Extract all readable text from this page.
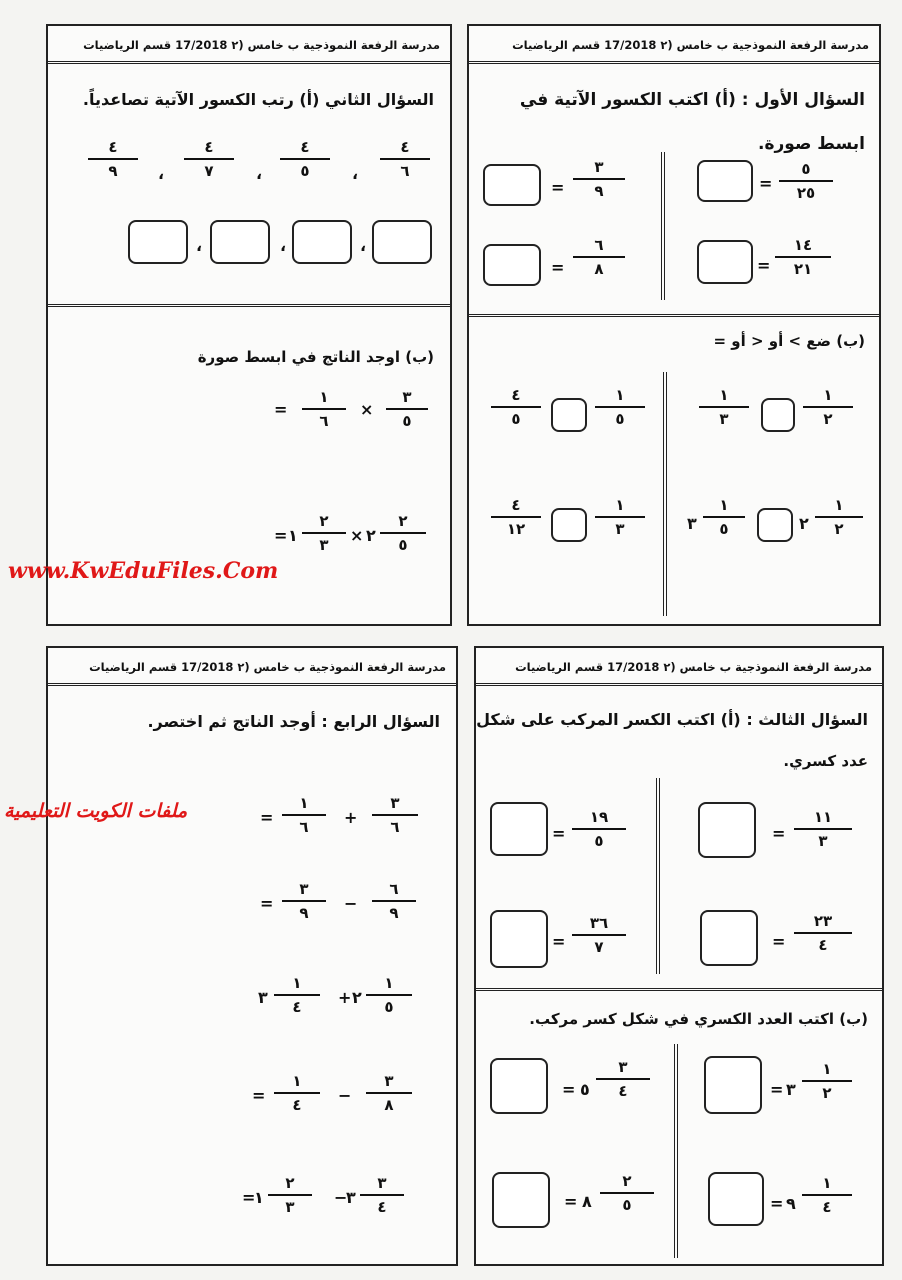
مدرسة الرفعة النموذجية ب خامس (٢ 17/2018 قسم الرياضيات
السؤال الأول : (أ) اكتب الكسور الآتية في
ابسط صورة.
٥
٢٥
=
١٤
٢١
=
٣
٩
=
٦
٨
=
(ب) ضع > أو < أو =
١
٢
١
٣
١
٥
٤
٥
١
٢
٢
١
٥
٣
١
٣
٤
١٢
مدرسة الرفعة النموذجية ب خامس (٢ 17/2018 قسم الرياضيات
السؤال الثاني (أ) رتب الكسور الآتية تصاعدياً.
٤
٦
،
٤
٥
،
٤
٧
،
٤
٩
،
،
،
(ب) اوجد الناتج في ابسط صورة
٣
٥
×
١
٦
=
٢
٥
٢
×
٢
٣
١
=
مدرسة الرفعة النموذجية ب خامس (٢ 17/2018 قسم الرياضيات
السؤال الثالث : (أ) اكتب الكسر المركب على شكل
عدد كسري.
١١
٣
=
٢٣
٤
=
١٩
٥
=
٣٦
٧
=
(ب) اكتب العدد الكسري في شكل كسر مركب.
١
٢
٣
=
١
٤
٩
=
٣
٤
٥
=
٢
٥
٨
=
مدرسة الرفعة النموذجية ب خامس (٢ 17/2018 قسم الرياضيات
السؤال الرابع : أوجد الناتج ثم اختصر.
٣
٦
+
١
٦
=
٦
٩
−
٣
٩
=
١
٥
٢
+
١
٤
٣
٣
٨
−
١
٤
=
٣
٤
٣
−
٢
٣
١
=
www.KwEduFiles.Com
ملفات الكويت التعليمية
